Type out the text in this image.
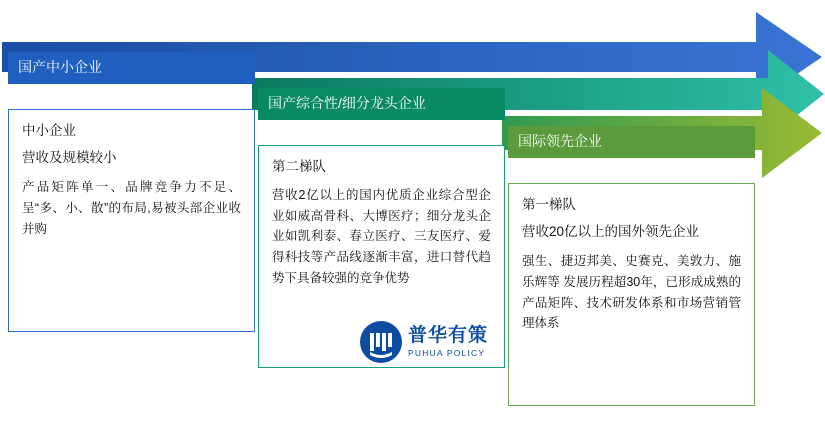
国产中小企业

中小企业

营收及规模较小

产品矩阵单一、品牌竞争力不足、呈“多、小、散”的布局,易被头部企业收并购

国产综合性/细分龙头企业

第二梯队

营收2亿以上的国内优质企业综合型企业如威高骨科、大博医疗；细分龙头企业如凯利泰、春立医疗、三友医疗、爱得科技等产品线逐渐丰富，进口替代趋势下具备较强的竞争优势

国际领先企业

第一梯队

营收20亿以上的国外领先企业

强生、捷迈邦美、史赛克、美敦力、施乐辉等 发展历程超30年，已形成成熟的产品矩阵、技术研发体系和市场营销管理体系

普华有策
PUHUA POLICY
